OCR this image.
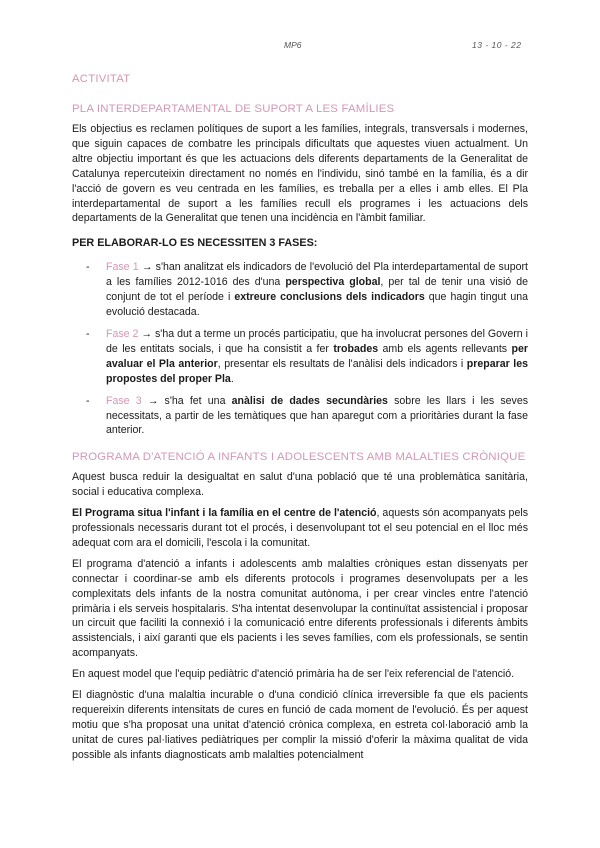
MP6	13 - 10 - 22
ACTIVITAT
PLA INTERDEPARTAMENTAL DE SUPORT A LES FAMÍLIES

Els objectius es reclamen polítiques de suport a les famílies, integrals, transversals i modernes, que siguin capaces de combatre les principals dificultats que aquestes viuen actualment. Un altre objectiu important és que les actuacions dels diferents departaments de la Generalitat de Catalunya repercuteixin directament no només en l'individu, sinó també en la família, és a dir l'acció de govern es veu centrada en les famílies, es treballa per a elles i amb elles. El Pla interdepartamental de suport a les famílies recull els programes i les actuacions dels departaments de la Generalitat que tenen una incidència en l'àmbit familiar.

PER ELABORAR-LO ES NECESSITEN 3 FASES:
- Fase 1 → s'han analitzat els indicadors de l'evolució del Pla interdepartamental de suport a les famílies 2012-1016 des d'una perspectiva global, per tal de tenir una visió de conjunt de tot el període i extreure conclusions dels indicadors que hagin tingut una evolució destacada.
- Fase 2 → s'ha dut a terme un procés participatiu, que ha involucrat persones del Govern i de les entitats socials, i que ha consistit a fer trobades amb els agents rellevants per avaluar el Pla anterior, presentar els resultats de l'anàlisi dels indicadors i preparar les propostes del proper Pla.
- Fase 3 → s'ha fet una anàlisi de dades secundàries sobre les llars i les seves necessitats, a partir de les temàtiques que han aparegut com a prioritàries durant la fase anterior.
PROGRAMA D'ATENCIÓ A INFANTS I ADOLESCENTS AMB MALALTIES CRÒNIQUE

Aquest busca reduir la desigualtat en salut d'una població que té una problemàtica sanitària, social i educativa complexa.

El Programa situa l'infant i la família en el centre de l'atenció, aquests són acompanyats pels professionals necessaris durant tot el procés, i desenvolupant tot el seu potencial en el lloc més adequat com ara el domicili, l'escola i la comunitat.

El programa d'atenció a infants i adolescents amb malalties cròniques estan dissenyats per connectar i coordinar-se amb els diferents protocols i programes desenvolupats per a les complexitats dels infants de la nostra comunitat autònoma, i per crear vincles entre l'atenció primària i els serveis hospitalaris. S'ha intentat desenvolupar la continuïtat assistencial i proposar un circuit que faciliti la connexió i la comunicació entre diferents professionals i diferents àmbits assistencials, i així garanti que els pacients i les seves famílies, com els professionals, se sentin acompanyats.

En aquest model que l'equip pediàtric d'atenció primària ha de ser l'eix referencial de l'atenció.

El diagnòstic d'una malaltia incurable o d'una condició clínica irreversible fa que els pacients requereixin diferents intensitats de cures en funció de cada moment de l'evolució. És per aquest motiu que s'ha proposat una unitat d'atenció crònica complexa, en estreta col·laboració amb la unitat de cures pal·liatives pediàtriques per complir la missió d'oferir la màxima qualitat de vida possible als infants diagnosticats amb malalties potencialment
